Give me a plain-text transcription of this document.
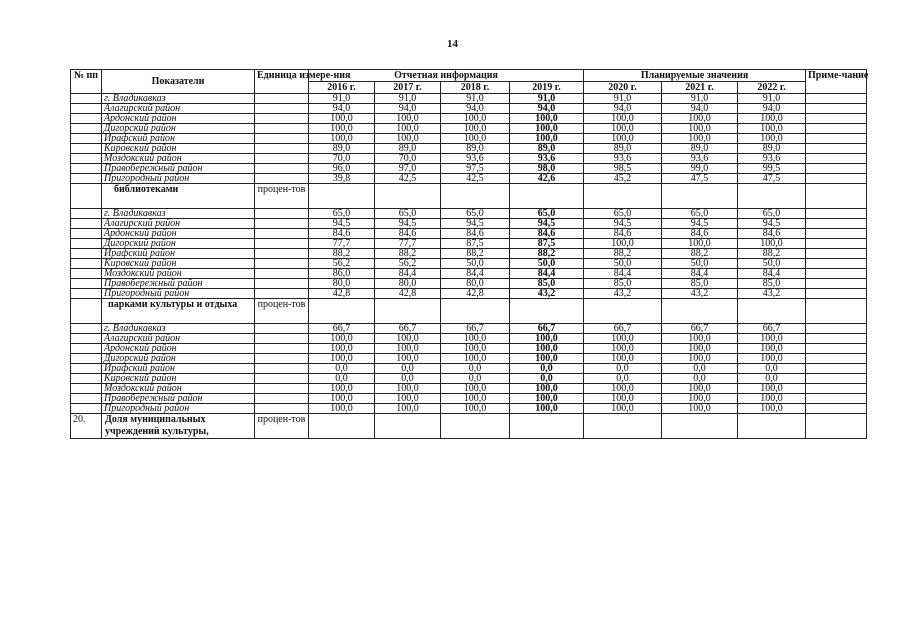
14
№ пп	Показатели	Единица измере-ния	Отчетная информация				Планируемые значения			Приме-чание
			2016 г.	2017 г.	2018 г.	2019 г.	2020 г.	2021 г.	2022 г.	
	г. Владикавказ		91,0	91,0	91,0	91,0	91,0	91,0	91,0	
	Алагирский район		94,0	94,0	94,0	94,0	94,0	94,0	94,0	
	Ардонский район		100,0	100,0	100,0	100,0	100,0	100,0	100,0	
	Дигорский район		100,0	100,0	100,0	100,0	100,0	100,0	100,0	
	Ирафский район		100,0	100,0	100,0	100,0	100,0	100,0	100,0	
	Кировский район		89,0	89,0	89,0	89,0	89,0	89,0	89,0	
	Моздокский район		70,0	70,0	93,6	93,6	93,6	93,6	93,6	
	Правобережный район		96,0	97,0	97,5	98,0	98,5	99,0	99,5	
	Пригородный район		39,8	42,5	42,5	42,6	45,2	47,5	47,5	
	библиотеками	процен-тов								
	г. Владикавказ		65,0	65,0	65,0	65,0	65,0	65,0	65,0	
	Алагирский район		94,5	94,5	94,5	94,5	94,5	94,5	94,5	
	Ардонский район		84,6	84,6	84,6	84,6	84,6	84,6	84,6	
	Дигорский район		77,7	77,7	87,5	87,5	100,0	100,0	100,0	
	Ирафский район		88,2	88,2	88,2	88,2	88,2	88,2	88,2	
	Кировский район		56,2	56,2	50,0	50,0	50,0	50,0	50,0	
	Моздокский район		86,0	84,4	84,4	84,4	84,4	84,4	84,4	
	Правобережный район		80,0	80,0	80,0	85,0	85,0	85,0	85,0	
	Пригородный район		42,8	42,8	42,8	43,2	43,2	43,2	43,2	
	парками культуры и отдыха	процен-тов								
	г. Владикавказ		66,7	66,7	66,7	66,7	66,7	66,7	66,7	
	Алагирский район		100,0	100,0	100,0	100,0	100,0	100,0	100,0	
	Ардонский район		100,0	100,0	100,0	100,0	100,0	100,0	100,0	
	Дигорский район		100,0	100,0	100,0	100,0	100,0	100,0	100,0	
	Ирафский район		0,0	0,0	0,0	0,0	0,0	0,0	0,0	
	Кировский район		0,0	0,0	0,0	0,0	0,0	0,0	0,0	
	Моздокский район		100,0	100,0	100,0	100,0	100,0	100,0	100,0	
	Правобережный район		100,0	100,0	100,0	100,0	100,0	100,0	100,0	
	Пригородный район		100,0	100,0	100,0	100,0	100,0	100,0	100,0	
20.	Доля муниципальных учреждений культуры,	процен-тов								
